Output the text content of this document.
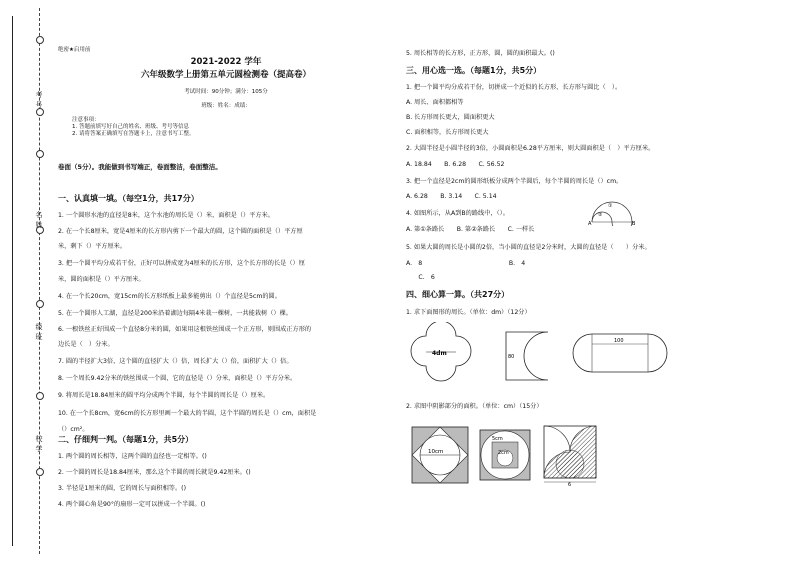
考
号
名
姓
级
班
校
学
绝密★启用前
2021-2022 学年
六年级数学上册第五单元圆检测卷（提高卷）
考试时间：90分钟；满分：105分
班级：姓名：成绩：
注意事项：
1. 答题前填写好自己的姓名、班级、考号等信息
2. 请将答案正确填写在答题卡上，注意书写工整。
卷面（5分）。我能做到书写端正，卷面整洁，卷面整洁。
一、认真填一填。（每空1分，共17分）
1. 一个圆形水池的直径是8米，这个水池的周长是（）米，面积是（）平方米。
2. 在一个长8厘米，宽是4厘米的长方形内剪下一个最大的圆，这个圆的面积是（）平方厘
米，剩下（）平方厘米。
3. 把一个圆平均分成若干份，正好可以拼成宽为4厘米的长方形，这个长方形的长是（）厘
米，圆的面积是（）平方厘米。
4. 在一个长20cm，宽15cm的长方形纸板上最多能剪出（）个直径是5cm的圆。
5. 在一个圆形人工湖，直径是200米沿着湖边每隔4米栽一棵树，一共能栽树（）棵。
6. 一根铁丝正好围成一个直径8分米的圆，如果用这根铁丝围成一个正方形，则围成正方形的
边长是（　）分米。
7. 圆的半径扩大3倍，这个圆的直径扩大（）倍，周长扩大（）倍，面积扩大（）倍。
8. 一个周长9.42分米的铁丝围成一个圆，它的直径是（）分米，面积是（）平方分米。
9. 将周长是18.84厘米的圆平均分成两个半圆，每个半圆的周长是（）厘米。
10. 在一个长8cm，宽6cm的长方形里画一个最大的半圆，这个半圆的周长是（）cm，面积是
（）cm²。
二、仔细判一判。（每题1分，共5分）
1. 两个圆的周长相等，这两个圆的直径也一定相等。()
2. 一个圆的周长是18.84厘米，那么这个半圆的周长就是9.42厘米。()
3. 半径是1厘米的圆，它的周长与面积相等。()
4. 两个圆心角是90°的扇形一定可以拼成一个半圆。()
5. 周长相等的长方形，正方形，圆，圆的面积最大。()
三、用心选一选。（每题1分，共5分）
1. 把一个圆平均分成若干份，切拼成一个近似的长方形，长方形与圆比（　）。
A. 周长、面积都相等
B. 长方形周长更大，圆面积更大
C. 面积相等，长方形周长更大
2. 大圆半径是小圆半径的3倍，小圆面积是6.28平方厘米，则大圆面积是（　）平方厘米。
A. 18.84　　B. 6.28　　C. 56.52
3. 把一个直径是2cm的圆形纸板分成两个半圆后，每个半圆的周长是（）cm。
A. 6.28　　B. 3.14　　C. 5.14
4. 如图所示，从A到B的路线中，（）。
A. 第①条路长　　B. 第②条路长　　C. 一样长
5. 如果大圆的周长是小圆的2倍，当小圆的直径是2分米时，大圆的直径是（　　）分米。
A.　8　　　　　　　　　　　　　　B.　4
　　C.　6
A	B
①
②
四、细心算一算。（共27分）
1. 求下面图形的周长。（单位：dm）（12分）
4dm	80
100
2. 求图中阴影部分的面积。（单位：cm）（15分）
10cm
5cm
2cm
6
